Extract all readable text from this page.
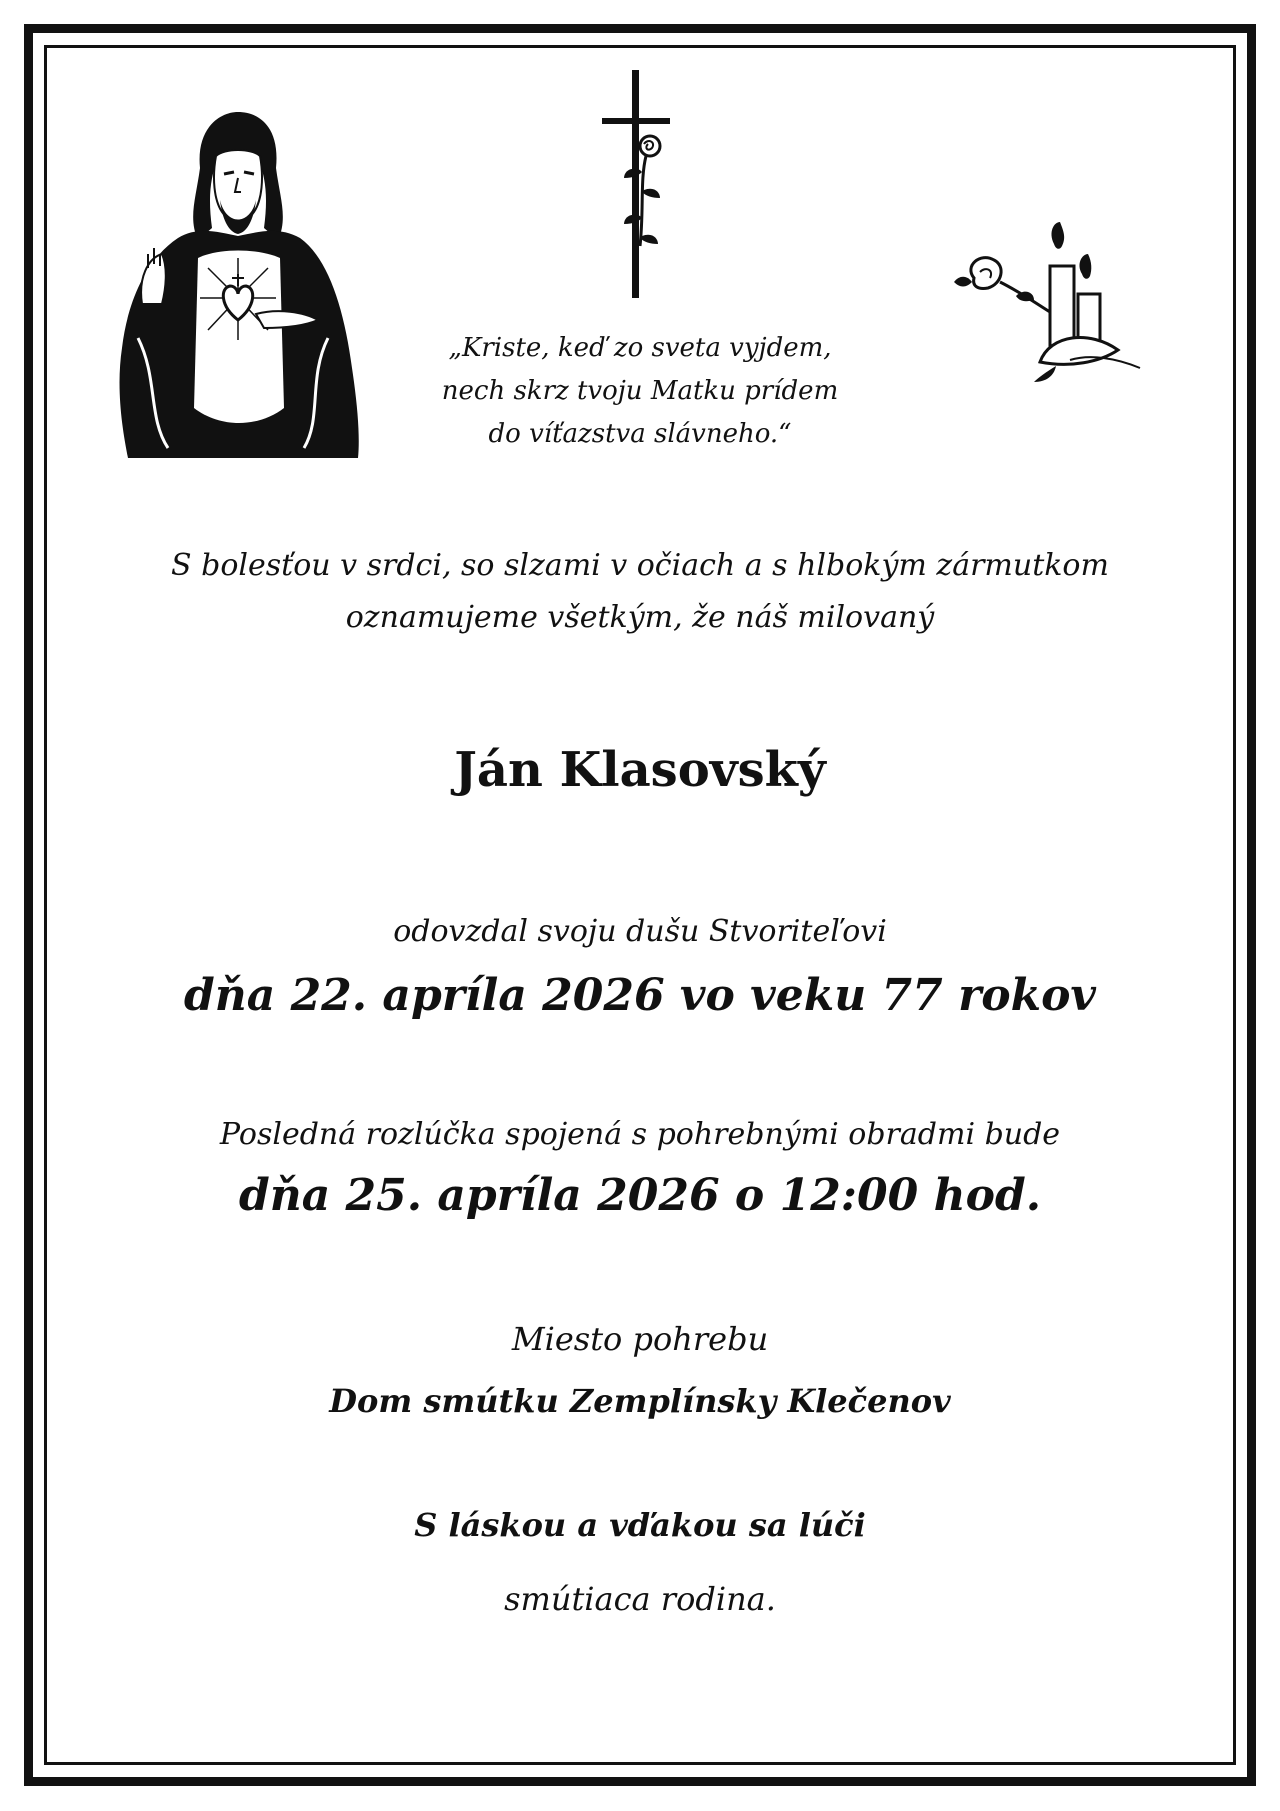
„Kriste, keď zo sveta vyjdem,
nech skrz tvoju Matku prídem
do víťazstva slávneho.“
S bolesťou v srdci, so slzami v očiach a s hlbokým zármutkom
oznamujeme všetkým, že náš milovaný
Ján Klasovský
odovzdal svoju dušu Stvoriteľovi
dňa 22. apríla 2026 vo veku 77 rokov
Posledná rozlúčka spojená s pohrebnými obradmi bude
dňa 25. apríla 2026 o 12:00 hod.
Miesto pohrebu
Dom smútku Zemplínsky Klečenov
S láskou a vďakou sa lúči
smútiaca rodina.
